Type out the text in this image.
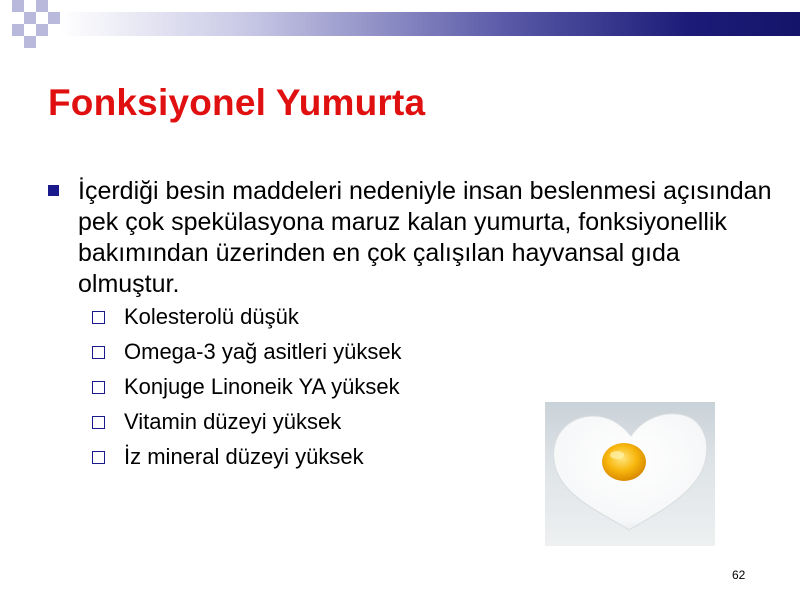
Fonksiyonel Yumurta
İçerdiği besin maddeleri nedeniyle insan beslenmesi açısından pek çok spekülasyona maruz kalan yumurta, fonksiyonellik bakımından üzerinden en çok çalışılan hayvansal gıda olmuştur.
Kolesterolü düşük
Omega-3 yağ asitleri yüksek
Konjuge Linoneik YA yüksek
Vitamin düzeyi yüksek
İz mineral düzeyi yüksek
62
